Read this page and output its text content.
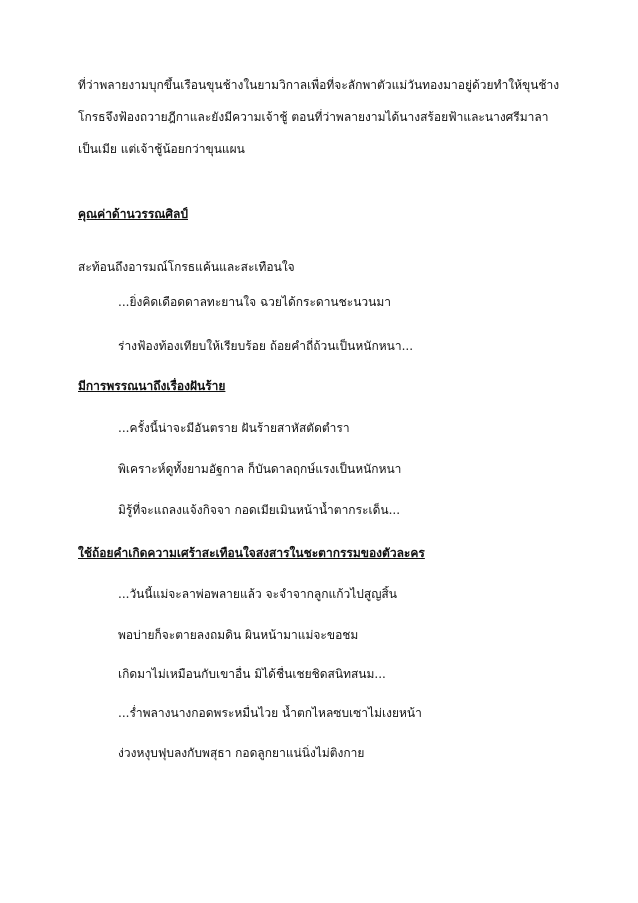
ที่ว่าพลายงามบุกขึ้นเรือนขุนช้างในยามวิกาลเพื่อที่จะลักพาตัวแม่วันทองมาอยู่ด้วยทำให้ขุนช้าง
โกรธจึงฟ้องถวายฎีกาและยังมีความเจ้าชู้ ตอนที่ว่าพลายงามได้นางสร้อยฟ้าและนางศรีมาลา
เป็นเมีย แต่เจ้าชู้น้อยกว่าขุนแผน
คุณค่าด้านวรรณศิลป์
สะท้อนถึงอารมณ์โกรธแค้นและสะเทือนใจ
...ยิ่งคิดเดือดดาลทะยานใจ ฉวยได้กระดานชะนวนมา
ร่างฟ้องท้องเทียบให้เรียบร้อย ถ้อยคำถี่ถ้วนเป็นหนักหนา...
มีการพรรณนาถึงเรื่องฝันร้าย
...ครั้งนี้น่าจะมีอันตราย ฝันร้ายสาหัสตัดตำรา
พิเคราะห์ดูทั้งยามอัฐกาล ก็บันดาลฤกษ์แรงเป็นหนักหนา
มิรู้ที่จะแถลงแจ้งกิจจา กอดเมียเมินหน้าน้ำตากระเด็น...
ใช้ถ้อยคำเกิดความเศร้าสะเทือนใจสงสารในชะตากรรมของตัวละคร
...วันนี้แม่จะลาพ่อพลายแล้ว จะจำจากลูกแก้วไปสูญสิ้น
พอบ่ายก็จะตายลงถมดิน ผินหน้ามาแม่จะขอชม
เกิดมาไม่เหมือนกับเขาอื่น มิได้ชื่นเชยชิดสนิทสนม...
...ร่ำพลางนางกอดพระหมื่นไวย น้ำตกไหลซบเซาไม่เงยหน้า
ง่วงหงุบฟุบลงกับพสุธา กอดลูกยาแน่นิ่งไม่ติงกาย
